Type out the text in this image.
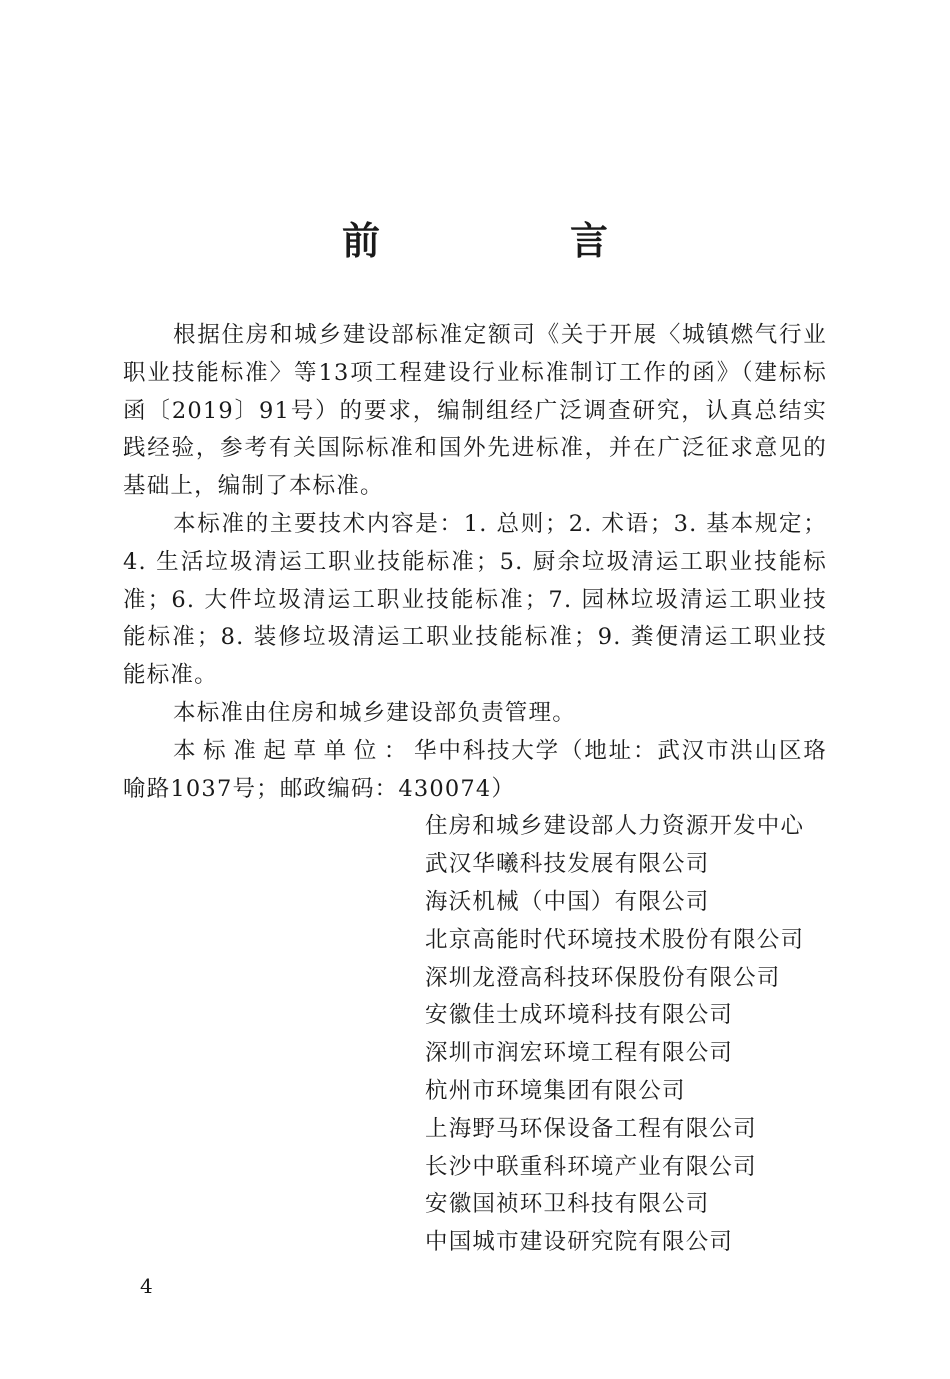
前　言

根据住房和城乡建设部标准定额司《关于开展〈城镇燃气行业职业技能标准〉等13项工程建设行业标准制订工作的函》（建标标函〔2019〕91号）的要求，编制组经广泛调查研究，认真总结实践经验，参考有关国际标准和国外先进标准，并在广泛征求意见的基础上，编制了本标准。

本标准的主要技术内容是：1. 总则；2. 术语；3. 基本规定；4. 生活垃圾清运工职业技能标准；5. 厨余垃圾清运工职业技能标准；6. 大件垃圾清运工职业技能标准；7. 园林垃圾清运工职业技能标准；8. 装修垃圾清运工职业技能标准；9. 粪便清运工职业技能标准。

本标准由住房和城乡建设部负责管理。

本标准起草单位：华中科技大学（地址：武汉市洪山区珞喻路1037号；邮政编码：430074）

住房和城乡建设部人力资源开发中心
武汉华曦科技发展有限公司
海沃机械（中国）有限公司
北京高能时代环境技术股份有限公司
深圳龙澄高科技环保股份有限公司
安徽佳士成环境科技有限公司
深圳市润宏环境工程有限公司
杭州市环境集团有限公司
上海野马环保设备工程有限公司
长沙中联重科环境产业有限公司
安徽国祯环卫科技有限公司
中国城市建设研究院有限公司

4
